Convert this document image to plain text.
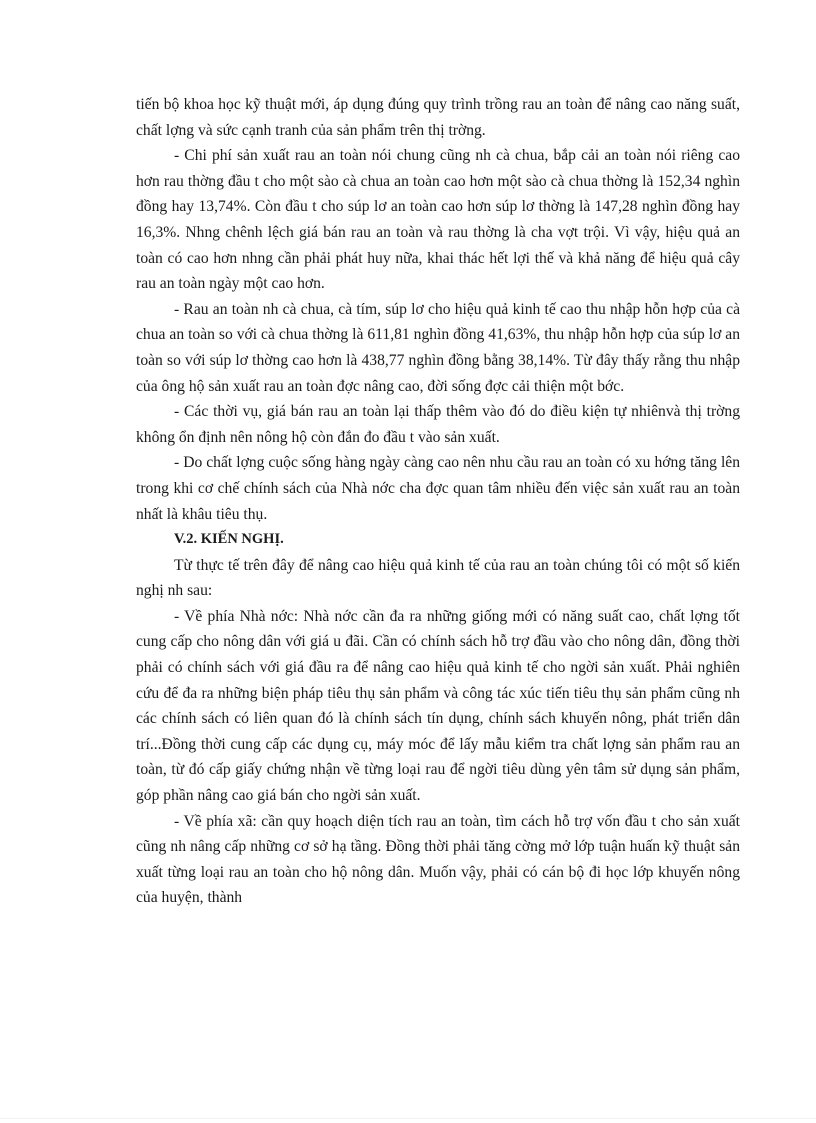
tiến bộ khoa học kỹ thuật mới, áp dụng đúng quy trình trồng rau an toàn để nâng cao năng suất, chất lợng và sức cạnh tranh của sản phẩm trên thị trờng.

- Chi phí sản xuất rau an toàn nói chung cũng nh cà chua, bắp cải an toàn nói riêng cao hơn rau thờng đầu t cho một sào cà chua an toàn cao hơn một sào cà chua thờng là 152,34 nghìn đồng hay 13,74%. Còn đầu t cho súp lơ an toàn cao hơn súp lơ thờng là 147,28 nghìn đồng hay 16,3%. Nhng chênh lệch giá bán rau an toàn và rau thờng là cha vợt trội. Vì vậy, hiệu quả an toàn có cao hơn nhng cần phải phát huy nữa, khai thác hết lợi thế và khả năng để hiệu quả cây rau an toàn ngày một cao hơn.

- Rau an toàn nh cà chua, cà tím, súp lơ cho hiệu quả kinh tế cao thu nhập hỗn hợp của cà chua an toàn so với cà chua thờng là 611,81 nghìn đồng 41,63%, thu nhập hỗn hợp của súp lơ an toàn so với súp lơ thờng cao hơn là 438,77 nghìn đồng bằng 38,14%. Từ đây thấy rằng thu nhập của ông hộ sản xuất rau an toàn đợc nâng cao, đời sống đợc cải thiện một bớc.

- Các thời vụ, giá bán rau an toàn lại thấp thêm vào đó do điều kiện tự nhiênvà thị trờng không ổn định nên nông hộ còn đắn đo đầu t vào sản xuất.

- Do chất lợng cuộc sống hàng ngày càng cao nên nhu cầu rau an toàn có xu hớng tăng lên trong khi cơ chế chính sách của Nhà nớc cha đợc quan tâm nhiều đến việc sản xuất rau an toàn nhất là khâu tiêu thụ.

V.2. KIẾN NGHỊ.

Từ thực tế trên đây để nâng cao hiệu quả kinh tế của rau an toàn chúng tôi có một số kiến nghị nh sau:

- Về phía Nhà nớc: Nhà nớc cần đa ra những giống mới có năng suất cao, chất lợng tốt cung cấp cho nông dân với giá u đãi. Cần có chính sách hỗ trợ đầu vào cho nông dân, đồng thời phải có chính sách với giá đầu ra để nâng cao hiệu quả kinh tế cho ngời sản xuất. Phải nghiên cứu để đa ra những biện pháp tiêu thụ sản phẩm và công tác xúc tiến tiêu thụ sản phẩm cũng nh các chính sách có liên quan đó là chính sách tín dụng, chính sách khuyến nông, phát triển dân trí...Đồng thời cung cấp các dụng cụ, máy móc để lấy mẫu kiểm tra chất lợng sản phẩm rau an toàn, từ đó cấp giấy chứng nhận về từng loại rau để ngời tiêu dùng yên tâm sử dụng sản phẩm, góp phần nâng cao giá bán cho ngời sản xuất.

- Về phía xã: cần quy hoạch diện tích rau an toàn, tìm cách hỗ trợ vốn đầu t cho sản xuất cũng nh nâng cấp những cơ sở hạ tầng. Đồng thời phải tăng cờng mở lớp tuận huấn kỹ thuật sản xuất từng loại rau an toàn cho hộ nông dân. Muốn vậy, phải có cán bộ đi học lớp khuyến nông của huyện, thành
